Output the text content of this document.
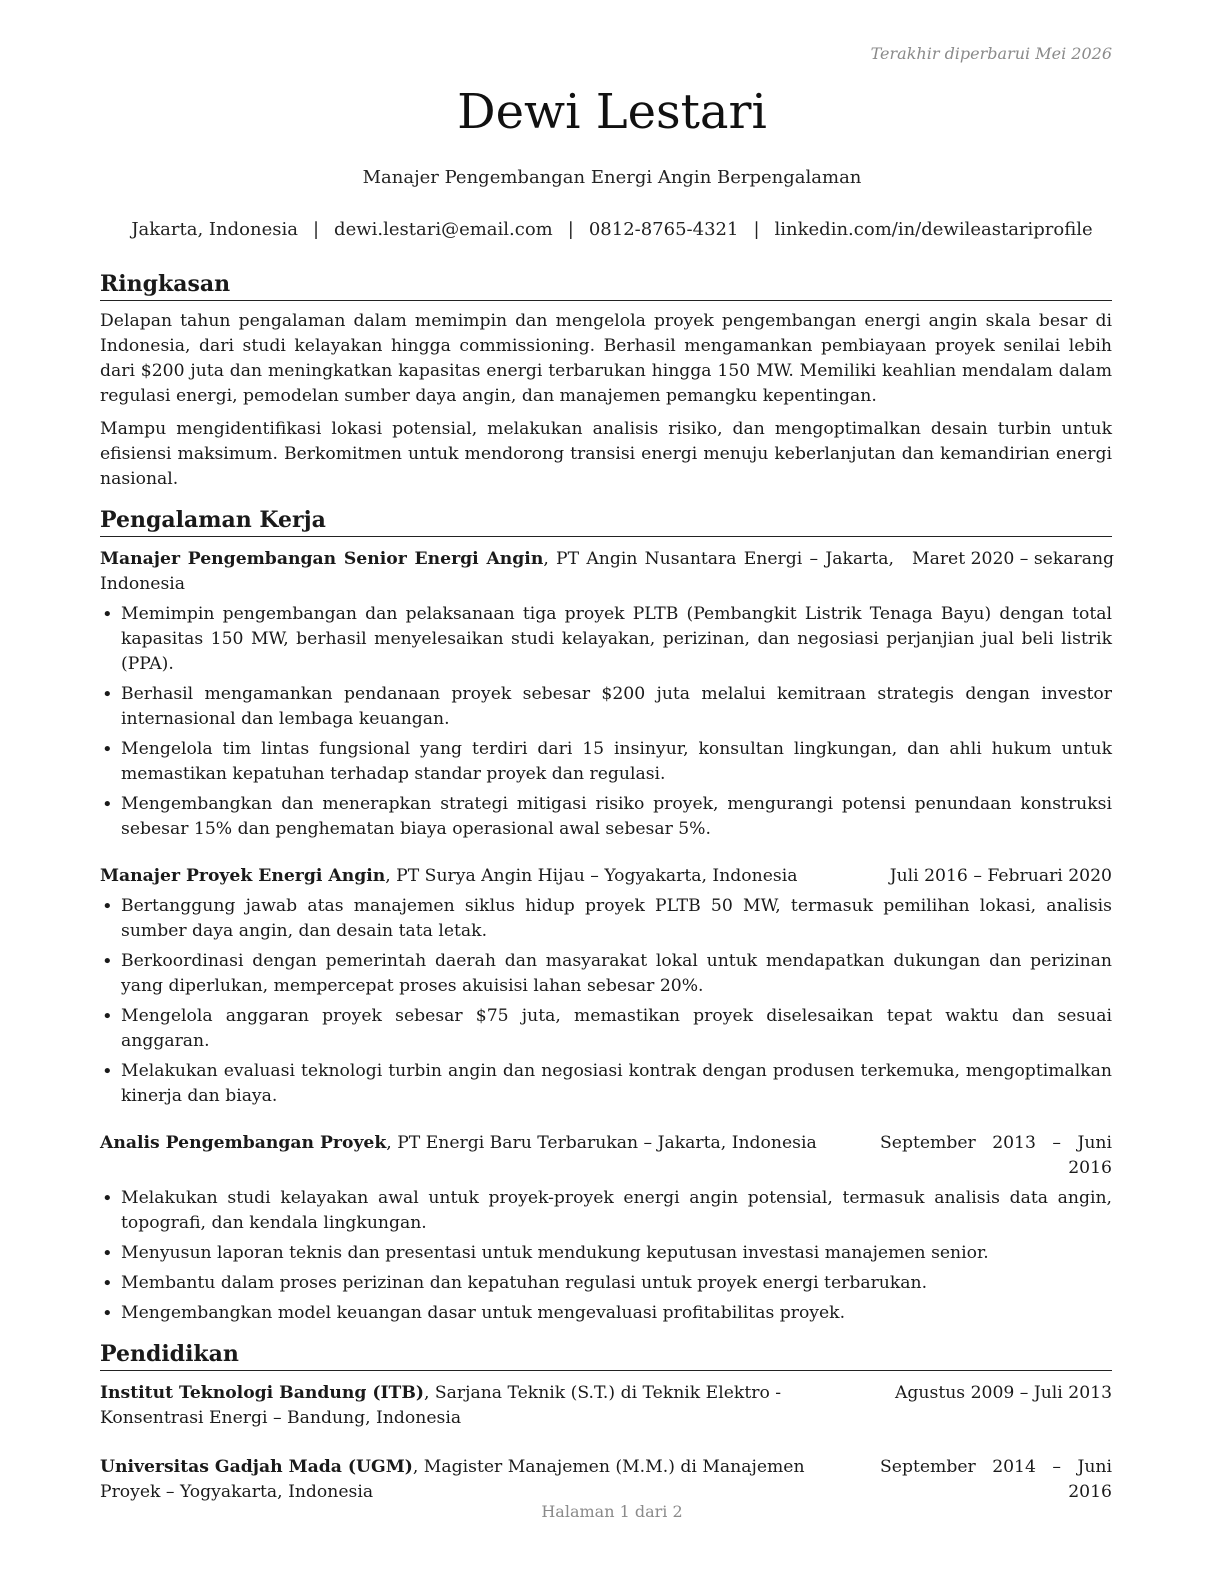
Terakhir diperbarui Mei 2026
Dewi Lestari
Manajer Pengembangan Energi Angin Berpengalaman
Jakarta, Indonesia | dewi.lestari@email.com | 0812-8765-4321 | linkedin.com/in/dewileastariprofile
Ringkasan

Delapan tahun pengalaman dalam memimpin dan mengelola proyek pengembangan energi angin skala besar di Indonesia, dari studi kelayakan hingga commissioning. Berhasil mengamankan pembiayaan proyek senilai lebih dari $200 juta dan meningkatkan kapasitas energi terbarukan hingga 150 MW. Memiliki keahlian mendalam dalam regulasi energi, pemodelan sumber daya angin, dan manajemen pemangku kepentingan.

Mampu mengidentifikasi lokasi potensial, melakukan analisis risiko, dan mengoptimalkan desain turbin untuk efisiensi maksimum. Berkomitmen untuk mendorong transisi energi menuju keberlanjutan dan kemandirian energi nasional.

Pengalaman Kerja
Manajer Pengembangan Senior Energi Angin, PT Angin Nusantara Energi – Jakarta, Indonesia
Maret 2020 – sekarang
• Memimpin pengembangan dan pelaksanaan tiga proyek PLTB (Pembangkit Listrik Tenaga Bayu) dengan total kapasitas 150 MW, berhasil menyelesaikan studi kelayakan, perizinan, dan negosiasi perjanjian jual beli listrik (PPA).
• Berhasil mengamankan pendanaan proyek sebesar $200 juta melalui kemitraan strategis dengan investor internasional dan lembaga keuangan.
• Mengelola tim lintas fungsional yang terdiri dari 15 insinyur, konsultan lingkungan, dan ahli hukum untuk memastikan kepatuhan terhadap standar proyek dan regulasi.
• Mengembangkan dan menerapkan strategi mitigasi risiko proyek, mengurangi potensi penundaan konstruksi sebesar 15% dan penghematan biaya operasional awal sebesar 5%.
Manajer Proyek Energi Angin, PT Surya Angin Hijau – Yogyakarta, Indonesia	Juli 2016 – Februari 2020
• Bertanggung jawab atas manajemen siklus hidup proyek PLTB 50 MW, termasuk pemilihan lokasi, analisis sumber daya angin, dan desain tata letak.
• Berkoordinasi dengan pemerintah daerah dan masyarakat lokal untuk mendapatkan dukungan dan perizinan yang diperlukan, mempercepat proses akuisisi lahan sebesar 20%.
• Mengelola anggaran proyek sebesar $75 juta, memastikan proyek diselesaikan tepat waktu dan sesuai anggaran.
• Melakukan evaluasi teknologi turbin angin dan negosiasi kontrak dengan produsen terkemuka, mengoptimalkan kinerja dan biaya.
Analis Pengembangan Proyek, PT Energi Baru Terbarukan – Jakarta, Indonesia	September 2013 – Juni 2016
• Melakukan studi kelayakan awal untuk proyek-proyek energi angin potensial, termasuk analisis data angin, topografi, dan kendala lingkungan.
• Menyusun laporan teknis dan presentasi untuk mendukung keputusan investasi manajemen senior.
• Membantu dalam proses perizinan dan kepatuhan regulasi untuk proyek energi terbarukan.
• Mengembangkan model keuangan dasar untuk mengevaluasi profitabilitas proyek.
Pendidikan
Institut Teknologi Bandung (ITB), Sarjana Teknik (S.T.) di Teknik Elektro - Konsentrasi Energi – Bandung, Indonesia
Agustus 2009 – Juli 2013
Universitas Gadjah Mada (UGM), Magister Manajemen (M.M.) di Manajemen Proyek – Yogyakarta, Indonesia
September 2014 – Juni 2016
Halaman 1 dari 2
